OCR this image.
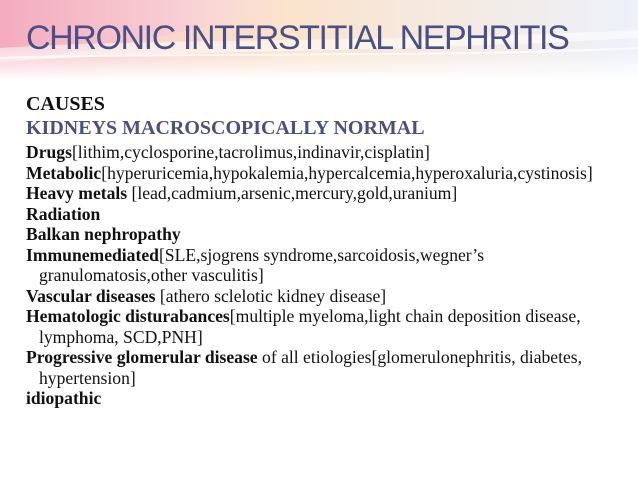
CHRONIC INTERSTITIAL NEPHRITIS
CAUSES
KIDNEYS MACROSCOPICALLY NORMAL
Drugs[lithim,cyclosporine,tacrolimus,indinavir,cisplatin]
Metabolic[hyperuricemia,hypokalemia,hypercalcemia,hyperoxaluria,cystinosis]
Heavy metals [lead,cadmium,arsenic,mercury,gold,uranium]
Radiation
Balkan nephropathy
Immunemediated[SLE,sjogrens syndrome,sarcoidosis,wegner’s granulomatosis,other vasculitis]
Vascular diseases [athero sclelotic kidney disease]
Hematologic disturabances[multiple myeloma,light chain deposition disease, lymphoma, SCD,PNH]
Progressive glomerular disease of all etiologies[glomerulonephritis, diabetes, hypertension]
idiopathic
